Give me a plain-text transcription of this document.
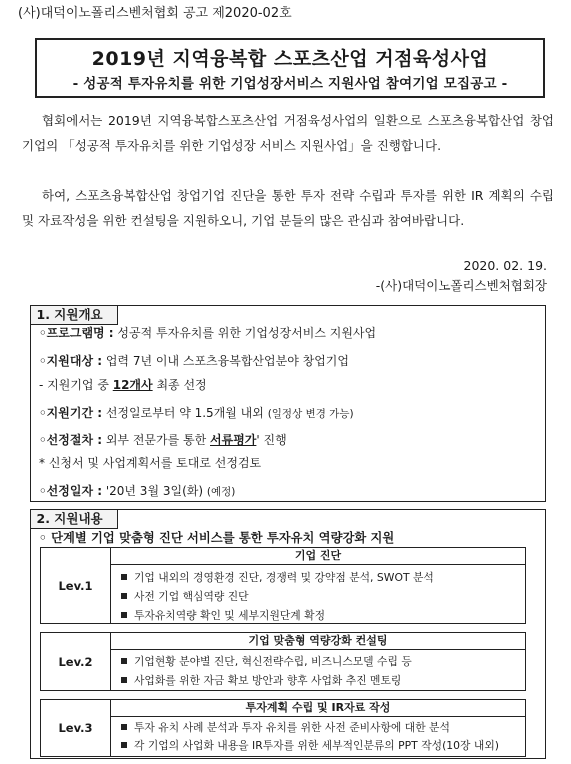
(사)대덕이노폴리스벤처협회 공고 제2020-02호
2019년 지역융복합 스포츠산업 거점육성사업
- 성공적 투자유치를 위한 기업성장서비스 지원사업 참여기업 모집공고 -
협회에서는 2019년 지역융복합스포츠산업 거점육성사업의 일환으로 스포츠융복합산업 창업기업의 「성공적 투자유치를 위한 기업성장 서비스 지원사업」을 진행합니다.
하여, 스포츠융복합산업 창업기업 진단을 통한 투자 전략 수립과 투자를 위한 IR 계획의 수립 및 자료작성을 위한 컨설팅을 지원하오니, 기업 분들의 많은 관심과 참여바랍니다.
2020. 02. 19.
-(사)대덕이노폴리스벤처협회장
1. 지원개요
◦프로그램명 : 성공적 투자유치를 위한 기업성장서비스 지원사업
◦지원대상 : 업력 7년 이내 스포츠융복합산업분야 창업기업
- 지원기업 중 12개사 최종 선정
◦지원기간 : 선정일로부터 약 1.5개월 내외 (일정상 변경 가능)
◦선정절차 : 외부 전문가를 통한 서류평가' 진행
* 신청서 및 사업계획서를 토대로 선정검토
◦선정일자 : '20년 3월 3일(화) (예정)
2. 지원내용
◦ 단계별 기업 맞춤형 진단 서비스를 통한 투자유치 역량강화 지원
Lev.1
기업 진단
기업 내외의 경영환경 진단, 경쟁력 및 강약점 분석, SWOT 분석
사전 기업 핵심역량 진단
투자유치역량 확인 및 세부지원단계 확정
Lev.2
기업 맞춤형 역량강화 컨설팅
기업현황 분야별 진단, 혁신전략수립, 비즈니스모델 수립 등
사업화를 위한 자금 확보 방안과 향후 사업화 추진 멘토링
Lev.3
투자계획 수립 및 IR자료 작성
투자 유치 사례 분석과 투자 유치를 위한 사전 준비사항에 대한 분석
각 기업의 사업화 내용을 IR투자를 위한 세부적인분류의 PPT 작성(10장 내외)
